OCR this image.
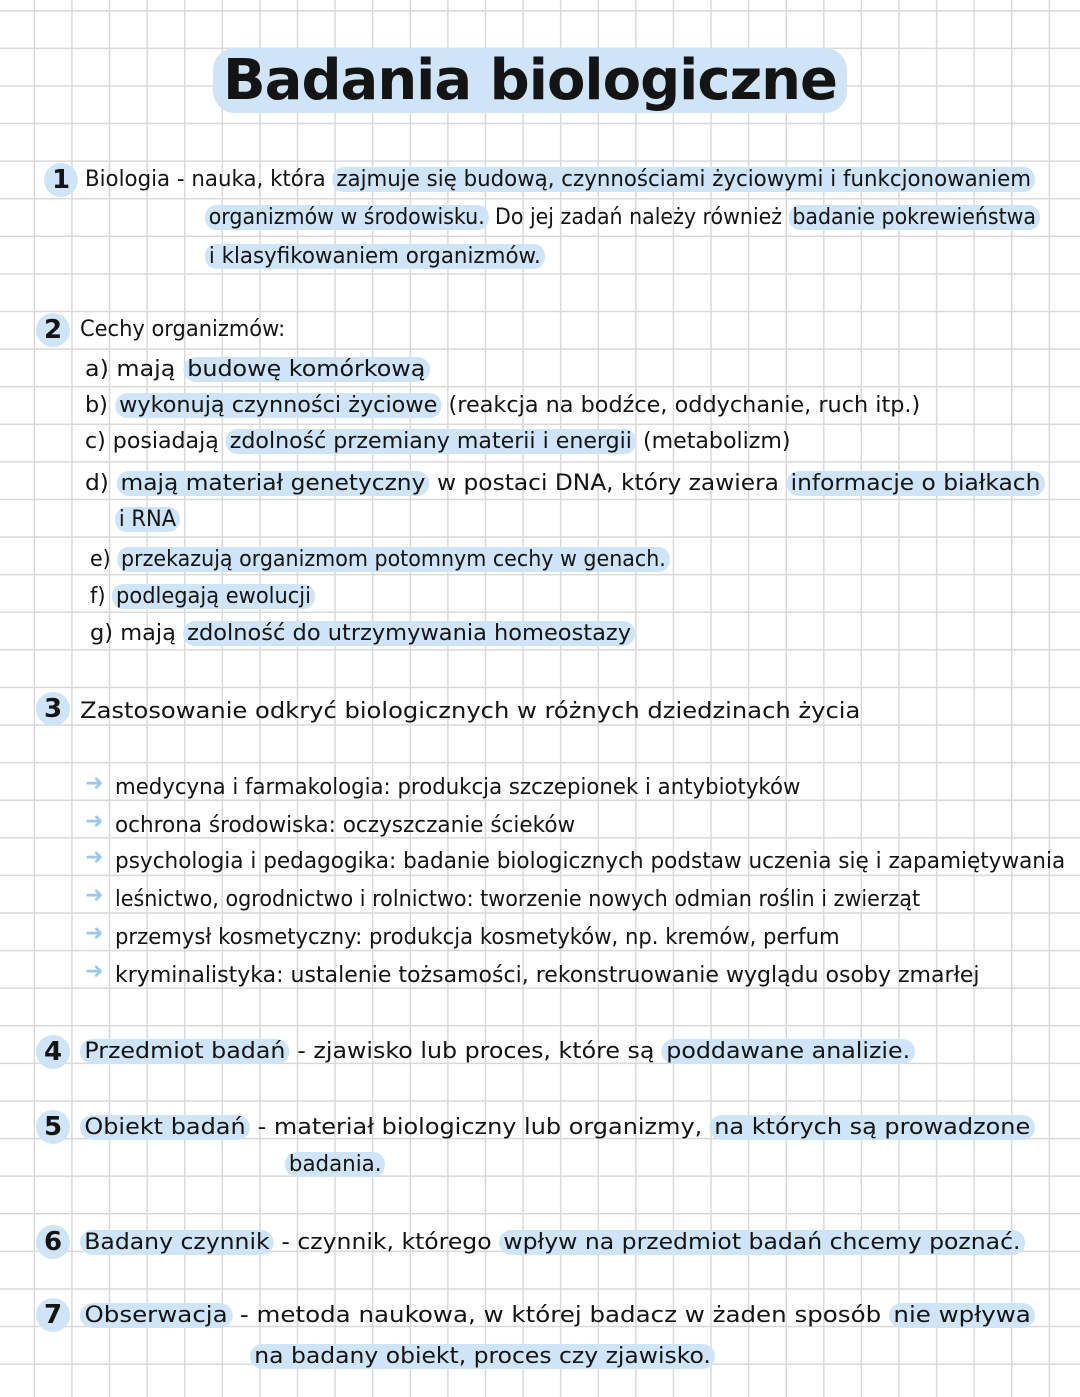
Badania biologiczne
1 Biologia - nauka, która zajmuje się budową, czynnościami życiowymi i funkcjonowaniem
organizmów w środowisku. Do jej zadań należy również badanie pokrewieństwa
i klasyfikowaniem organizmów.
2 Cechy organizmów:
a) mają budowę komórkową
b) wykonują czynności życiowe (reakcja na bodźce, oddychanie, ruch itp.)
c) posiadają zdolność przemiany materii i energii (metabolizm)
d) mają materiał genetyczny w postaci DNA, który zawiera informacje o białkach
i RNA
e) przekazują organizmom potomnym cechy w genach.
f) podlegają ewolucji
g) mają zdolność do utrzymywania homeostazy
3 Zastosowanie odkryć biologicznych w różnych dziedzinach życia
➜ medycyna i farmakologia: produkcja szczepionek i antybiotyków
➜ ochrona środowiska: oczyszczanie ścieków
➜ psychologia i pedagogika: badanie biologicznych podstaw uczenia się i zapamiętywania
➜ leśnictwo, ogrodnictwo i rolnictwo: tworzenie nowych odmian roślin i zwierząt
➜ przemysł kosmetyczny: produkcja kosmetyków, np. kremów, perfum
➜ kryminalistyka: ustalenie tożsamości, rekonstruowanie wyglądu osoby zmarłej
4	Przedmiot badań - zjawisko lub proces, które są poddawane analizie.
5	Obiekt badań - materiał biologiczny lub organizmy, na których są prowadzone
badania.
6	Badany czynnik - czynnik, którego wpływ na przedmiot badań chcemy poznać.
7	Obserwacja - metoda naukowa, w której badacz w żaden sposób nie wpływa
na badany obiekt, proces czy zjawisko.
